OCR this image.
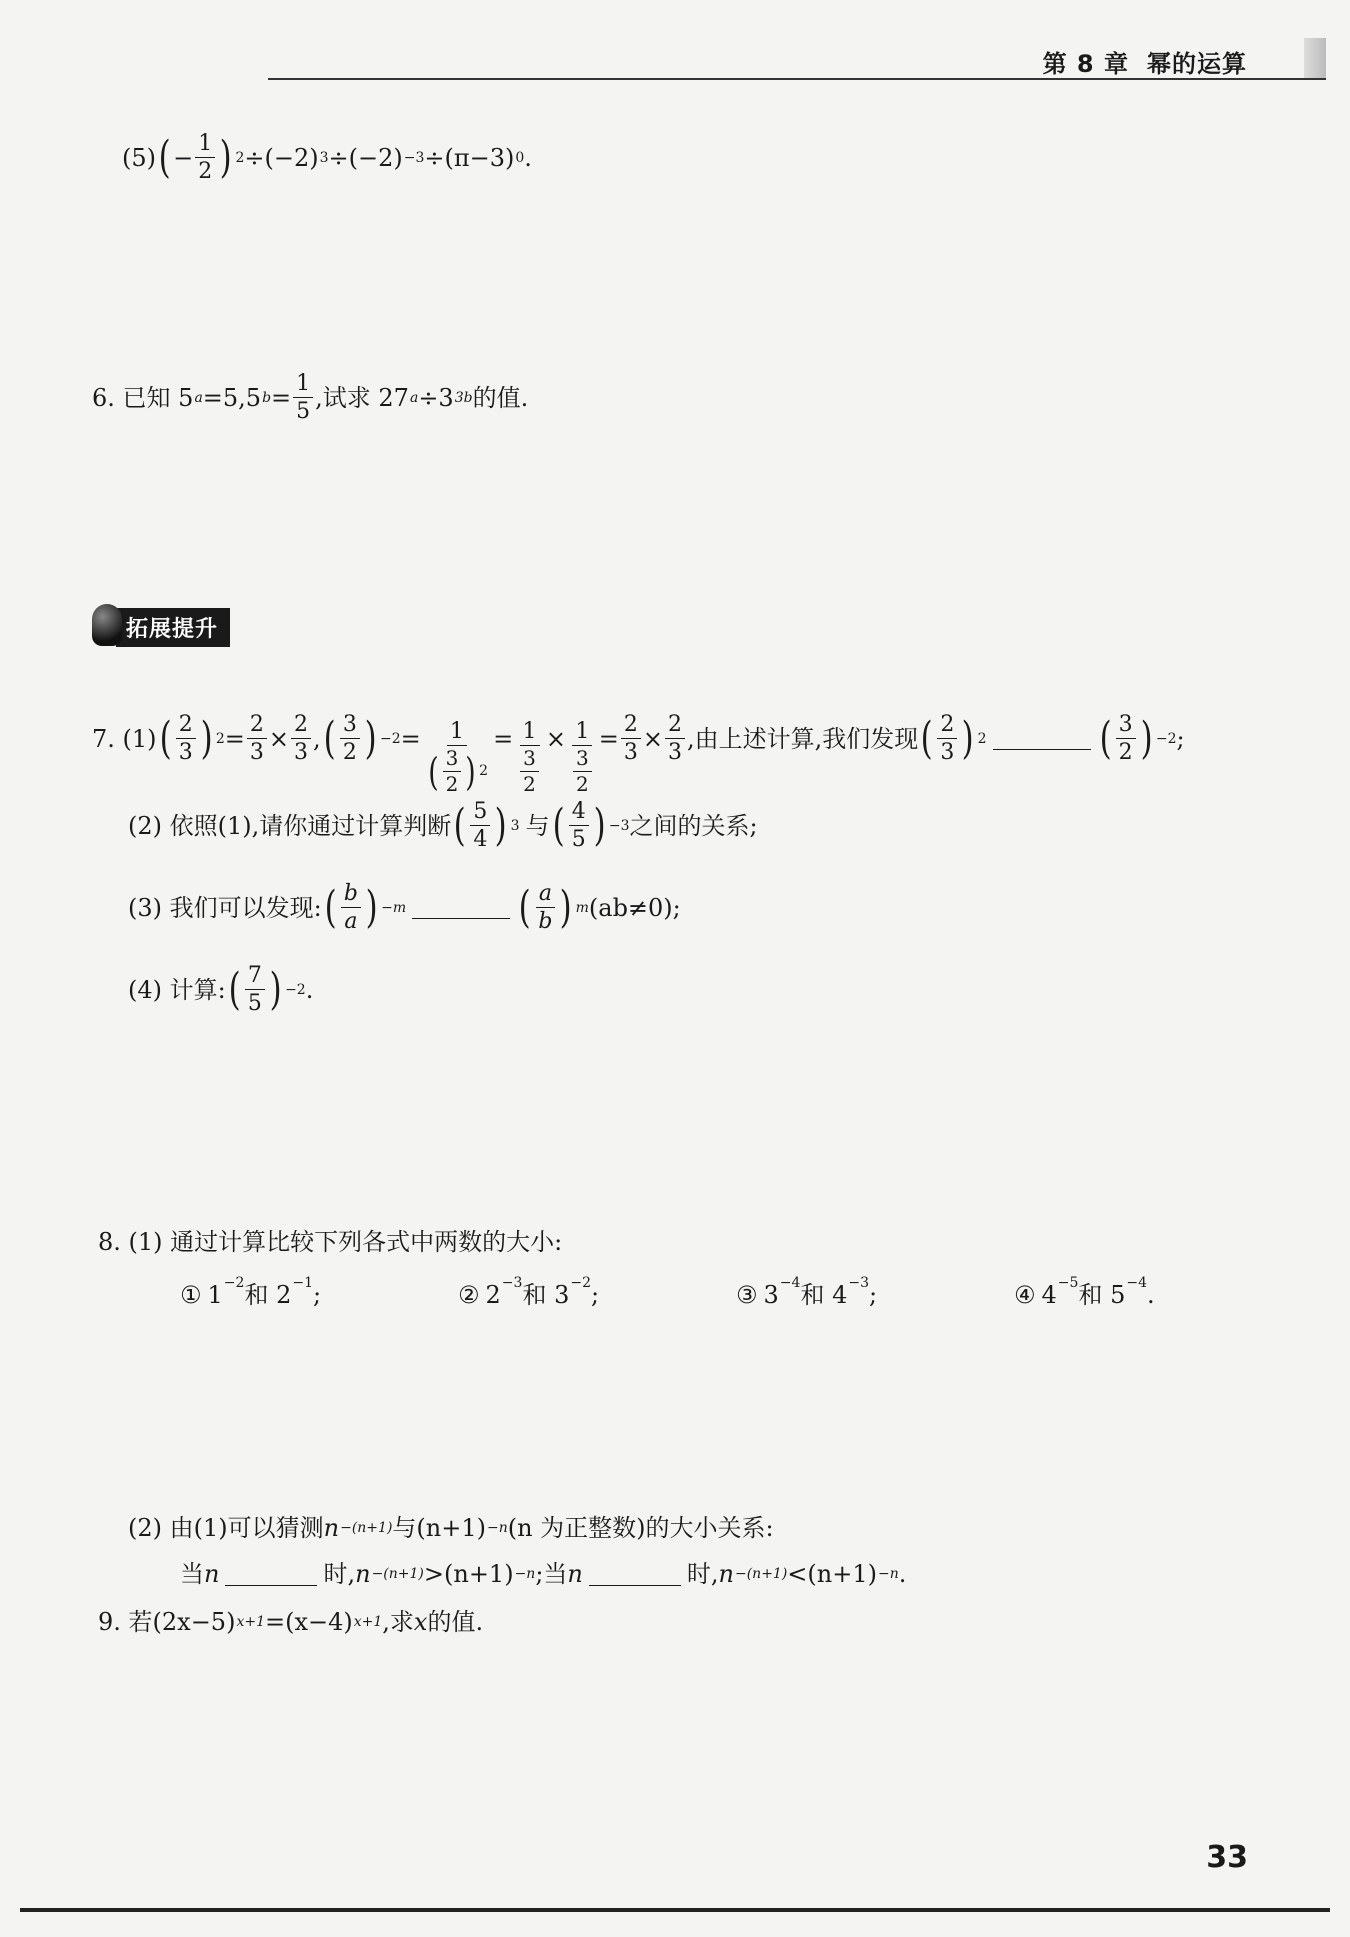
第 8 章 幂的运算
(5) ( − $\frac{1}{2}$ ) 2 ÷(−2) 3 ÷(−2) −3 ÷(π−3) 0 .
6. 已知 5 a =5,5 $b = \frac{1}{5}$ ,试求 27 a ÷3 3b 的值.
拓展提升
7. (1) ( $\frac{2}{3}$ ) $2 = \frac{2}{3} \times \frac{2}{3}$ , ( $\frac{3}{2}$ ) $-2 = \frac{1}{( \frac{3}{2} ) 2} = \frac{1}{\frac{3}{2}} \times \frac{1}{\frac{3}{2}} = \frac{2}{3} \times \frac{2}{3}$ ,由上述计算,我们发现 ( $\frac{2}{3}$ ) 2	( $\frac{3}{2}$ ) −2 ;
(2) 依照(1),请你通过计算判断 ( $\frac{5}{4}$ ) 3 与 ( $\frac{4}{5}$ ) −3 之间的关系;
(3) 我们可以发现: ( $\frac{b}{a}$ ) −m	( $\frac{a}{b}$ ) m (ab≠0);
(4) 计算: ( $\frac{7}{5}$ ) −2 .
8. (1) 通过计算比较下列各式中两数的大小:
① $1^{-2}$和 $2^{-1}$;	② $2^{-3}$和 $3^{-2}$;	③ $3^{-4}$和 $4^{-3}$;	④ $4^{-5}$和 $5^{-4}$.
(2) 由(1)可以猜测 n −(n+1) 与(n+1) −n (n 为正整数)的大小关系:
当 n	时, n −(n+1) >(n+1) −n ;当 n	时, n −(n+1) <(n+1) −n .
9. 若(2x−5) x+1 =(x−4) x+1 ,求 x 的值.
33
